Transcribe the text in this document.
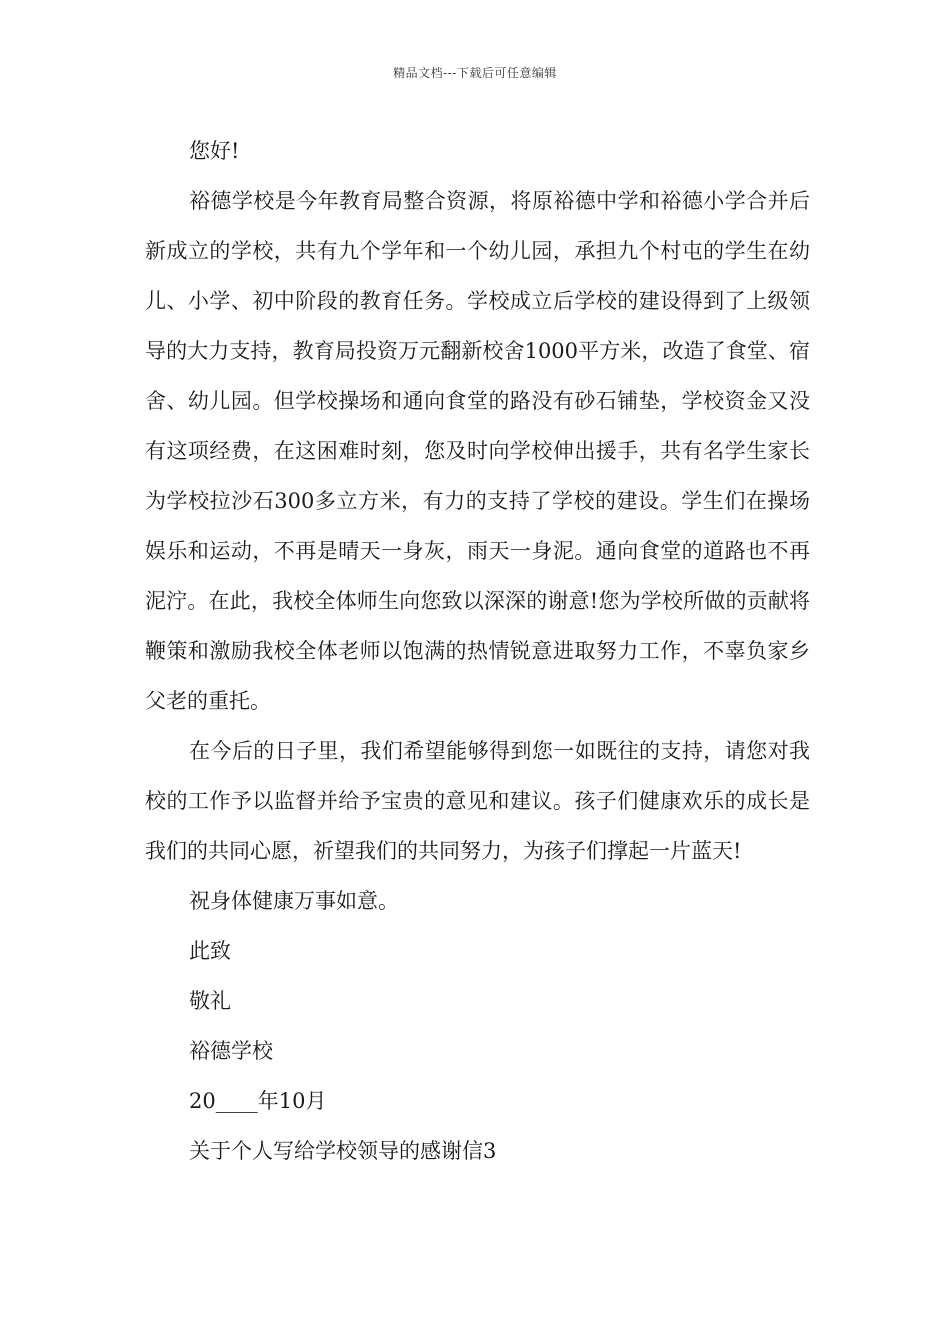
精品文档---下载后可任意编辑

您好!

裕德学校是今年教育局整合资源，将原裕德中学和裕德小学合并后新成立的学校，共有九个学年和一个幼儿园，承担九个村屯的学生在幼儿、小学、初中阶段的教育任务。学校成立后学校的建设得到了上级领导的大力支持，教育局投资万元翻新校舍1000平方米，改造了食堂、宿舍、幼儿园。但学校操场和通向食堂的路没有砂石铺垫，学校资金又没有这项经费，在这困难时刻，您及时向学校伸出援手，共有名学生家长为学校拉沙石300多立方米，有力的支持了学校的建设。学生们在操场娱乐和运动，不再是晴天一身灰，雨天一身泥。通向食堂的道路也不再泥泞。在此，我校全体师生向您致以深深的谢意!您为学校所做的贡献将鞭策和激励我校全体老师以饱满的热情锐意进取努力工作，不辜负家乡父老的重托。

在今后的日子里，我们希望能够得到您一如既往的支持，请您对我校的工作予以监督并给予宝贵的意见和建议。孩子们健康欢乐的成长是我们的共同心愿，祈望我们的共同努力，为孩子们撑起一片蓝天!

祝身体健康万事如意。

此致

敬礼

裕德学校

20____年10月

关于个人写给学校领导的感谢信3
